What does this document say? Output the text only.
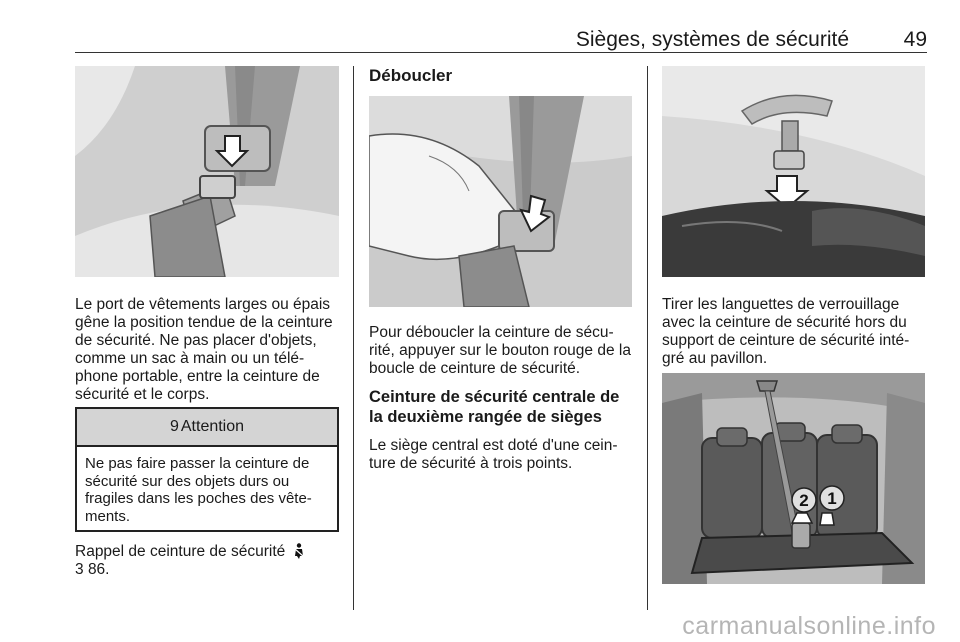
Sièges, systèmes de sécurité	49
Le port de vêtements larges ou épais gêne la position tendue de la ceinture de sécurité. Ne pas placer d'objets, comme un sac à main ou un télé-phone portable, entre la ceinture de sécurité et le corps.
9 Attention
Ne pas faire passer la ceinture de sécurité sur des objets durs ou fragiles dans les poches des vête-ments.
Rappel de ceinture de sécurité
3 86.
Déboucler
Pour déboucler la ceinture de sécu-rité, appuyer sur le bouton rouge de la boucle de ceinture de sécurité.
Ceinture de sécurité centrale de la deuxième rangée de sièges
Le siège central est doté d'une cein-ture de sécurité à trois points.
Tirer les languettes de verrouillage avec la ceinture de sécurité hors du support de ceinture de sécurité inté-gré au pavillon.
2 1
carmanualsonline.info
